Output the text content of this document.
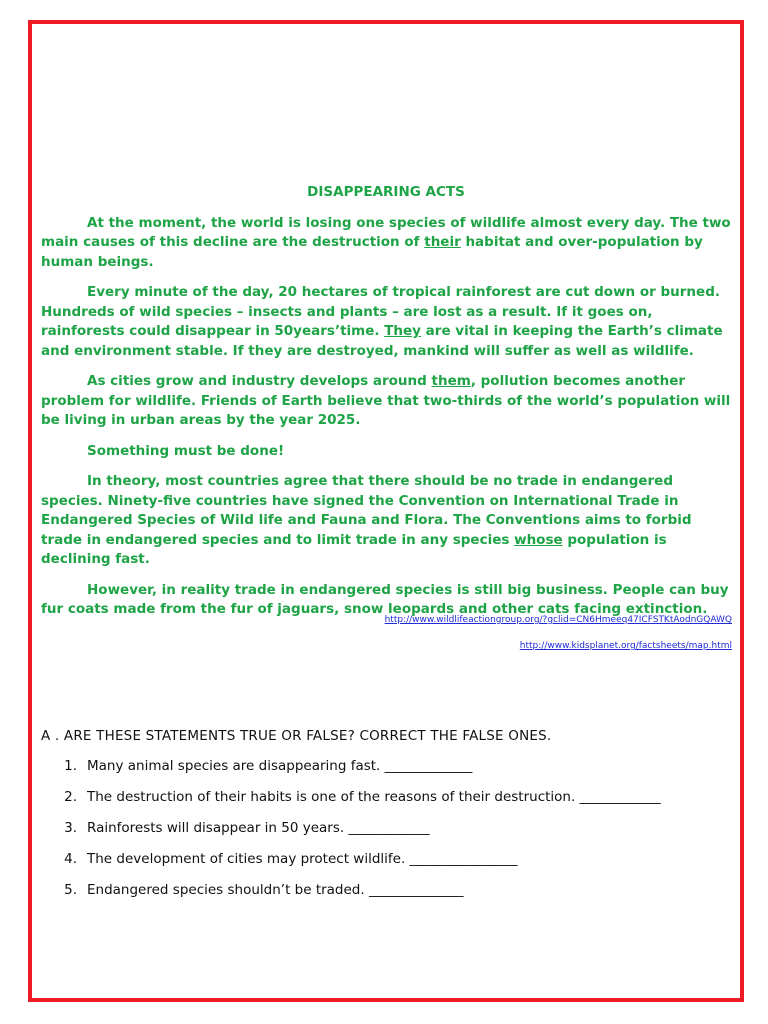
DISAPPEARING ACTS

At the moment, the world is losing one species of wildlife almost every day. The two main causes of this decline are the destruction of their habitat and over-population by human beings.

Every minute of the day, 20 hectares of tropical rainforest are cut down or burned. Hundreds of wild species – insects and plants – are lost as a result. If it goes on, rainforests could disappear in 50years’time. They are vital in keeping the Earth’s climate and environment stable. If they are destroyed, mankind will suffer as well as wildlife.

As cities grow and industry develops around them, pollution becomes another problem for wildlife. Friends of Earth believe that two-thirds of the world’s population will be living in urban areas by the year 2025.

Something must be done!

In theory, most countries agree that there should be no trade in endangered species. Ninety-five countries have signed the Convention on International Trade in Endangered Species of Wild life and Fauna and Flora. The Conventions aims to forbid trade in endangered species and to limit trade in any species whose population is declining fast.

However, in reality trade in endangered species is still big business. People can buy fur coats made from the fur of jaguars, snow leopards and other cats facing extinction.

http://www.wildlifeactiongroup.org/?gclid=CN6Hmeeq47ICFSTKtAodnGQAWQ
http://www.kidsplanet.org/factsheets/map.html
A . ARE THESE STATEMENTS TRUE OR FALSE? CORRECT THE FALSE ONES.
1. Many animal species are disappearing fast. _____________
2. The destruction of their habits is one of the reasons of their destruction. ____________
3. Rainforests will disappear in 50 years. ____________
4. The development of cities may protect wildlife. ________________
5. Endangered species shouldn’t be traded. ______________
